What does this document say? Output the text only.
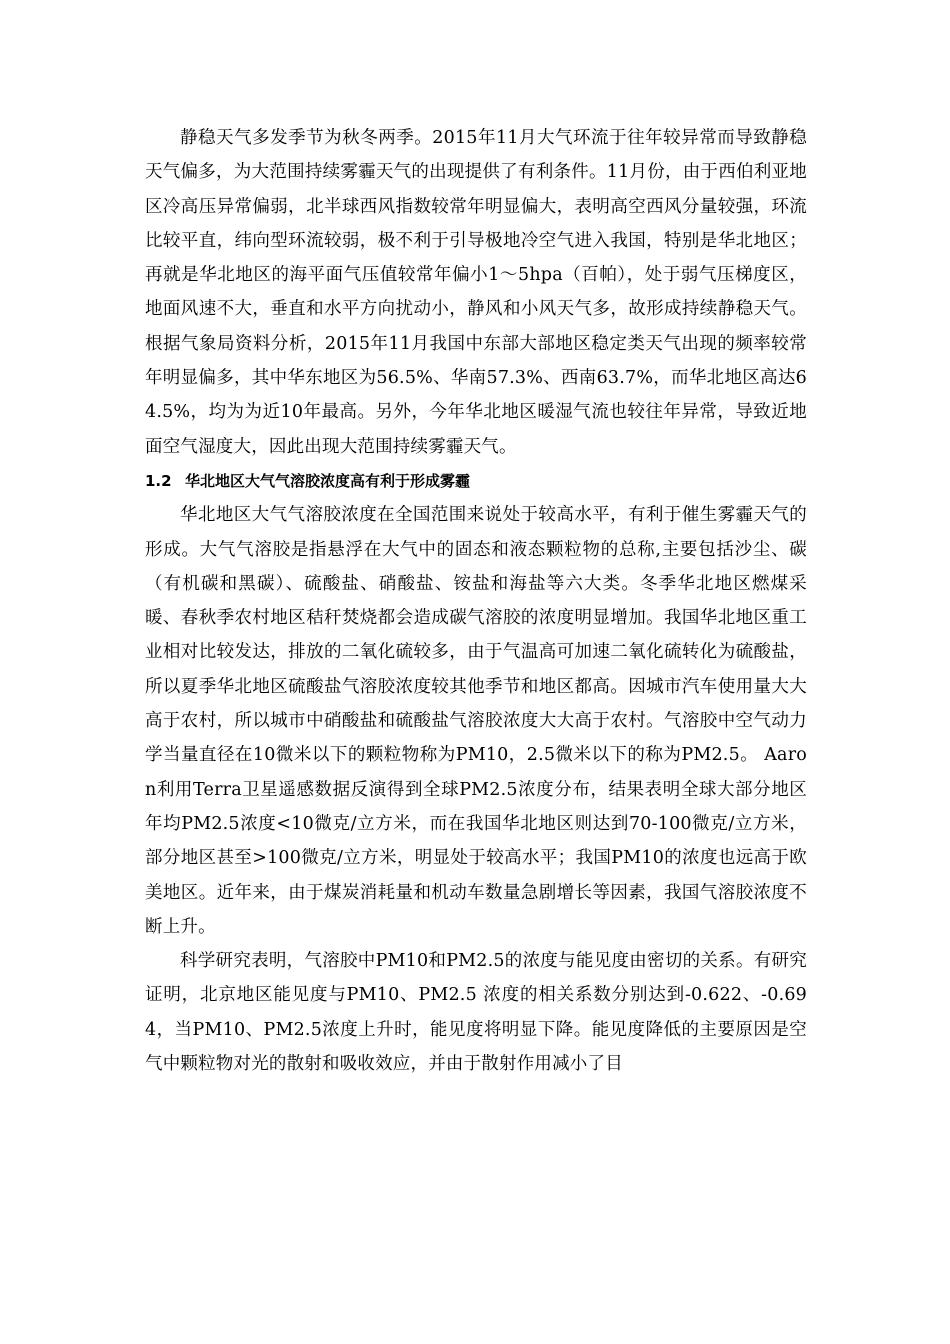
静稳天气多发季节为秋冬两季。2015年11月大气环流于往年较异常而导致静稳天气偏多，为大范围持续雾霾天气的出现提供了有利条件。11月份，由于西伯利亚地区冷高压异常偏弱，北半球西风指数较常年明显偏大，表明高空西风分量较强，环流比较平直，纬向型环流较弱，极不利于引导极地冷空气进入我国，特别是华北地区；再就是华北地区的海平面气压值较常年偏小1～5hpa（百帕），处于弱气压梯度区，地面风速不大，垂直和水平方向扰动小，静风和小风天气多，故形成持续静稳天气。根据气象局资料分析，2015年11月我国中东部大部地区稳定类天气出现的频率较常年明显偏多，其中华东地区为56.5%、华南57.3%、西南63.7%，而华北地区高达64.5%，均为为近10年最高。另外，今年华北地区暖湿气流也较往年异常，导致近地面空气湿度大，因此出现大范围持续雾霾天气。

1.2 华北地区大气气溶胶浓度高有利于形成雾霾

华北地区大气气溶胶浓度在全国范围来说处于较高水平，有利于催生雾霾天气的形成。大气气溶胶是指悬浮在大气中的固态和液态颗粒物的总称,主要包括沙尘、碳（有机碳和黑碳）、硫酸盐、硝酸盐、铵盐和海盐等六大类。冬季华北地区燃煤采暖、春秋季农村地区秸秆焚烧都会造成碳气溶胶的浓度明显增加。我国华北地区重工业相对比较发达，排放的二氧化硫较多，由于气温高可加速二氧化硫转化为硫酸盐，所以夏季华北地区硫酸盐气溶胶浓度较其他季节和地区都高。因城市汽车使用量大大高于农村，所以城市中硝酸盐和硫酸盐气溶胶浓度大大高于农村。气溶胶中空气动力学当量直径在10微米以下的颗粒物称为PM10，2.5微米以下的称为PM2.5。 Aaron利用Terra卫星遥感数据反演得到全球PM2.5浓度分布，结果表明全球大部分地区年均PM2.5浓度<10微克/立方米，而在我国华北地区则达到70-100微克/立方米，部分地区甚至>100微克/立方米，明显处于较高水平；我国PM10的浓度也远高于欧美地区。近年来，由于煤炭消耗量和机动车数量急剧增长等因素，我国气溶胶浓度不断上升。

科学研究表明，气溶胶中PM10和PM2.5的浓度与能见度由密切的关系。有研究证明，北京地区能见度与PM10、PM2.5 浓度的相关系数分别达到-0.622、-0.694，当PM10、PM2.5浓度上升时，能见度将明显下降。能见度降低的主要原因是空气中颗粒物对光的散射和吸收效应，并由于散射作用减小了目
